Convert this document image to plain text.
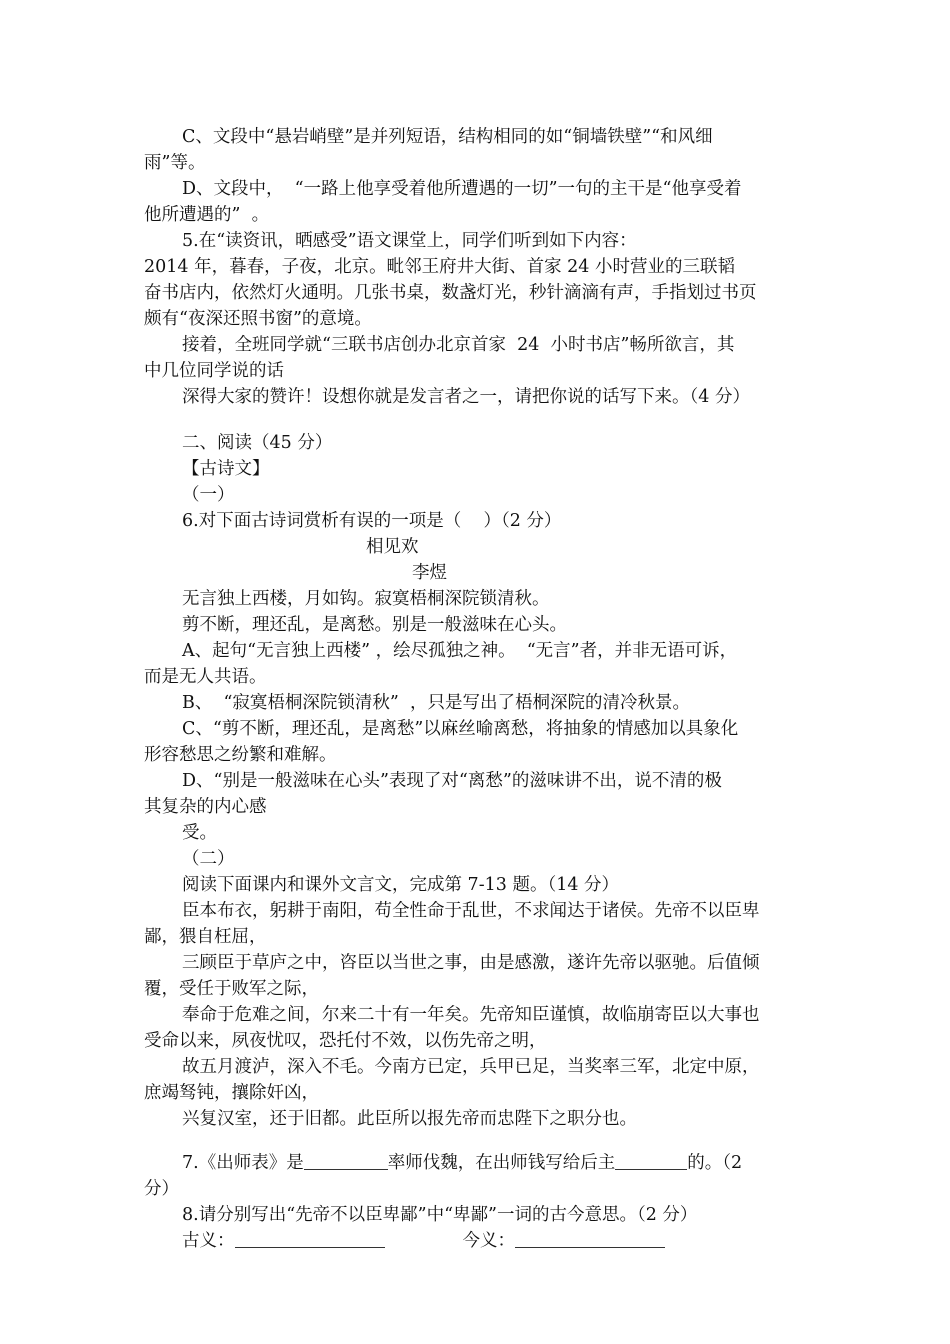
C、文段中“悬岩峭壁”是并列短语，结构相同的如“铜墙铁壁”“和风细
雨”等。
D、文段中，  “一路上他享受着他所遭遇的一切”一句的主干是“他享受着
他所遭遇的”  。
5.在“读资讯，晒感受”语文课堂上，同学们听到如下内容：
2014 年，暮春，子夜，北京。毗邻王府井大街、首家 24 小时营业的三联韬
奋书店内，依然灯火通明。几张书桌，数盏灯光，秒针滴滴有声，手指划过书页
颇有“夜深还照书窗”的意境。
接着，全班同学就“三联书店创办北京首家  24  小时书店”畅所欲言，其
中几位同学说的话
深得大家的赞许！设想你就是发言者之一，请把你说的话写下来。（4 分）
二、阅读（45 分）
【古诗文】
（一）
6.对下面古诗词赏析有误的一项是（    ）（2 分）
相见欢
李煜
无言独上西楼，月如钩。寂寞梧桐深院锁清秋。
剪不断，理还乱，是离愁。别是一般滋味在心头。
A、起句“无言独上西楼” ，绘尽孤独之神。  “无言”者，并非无语可诉，
而是无人共语。
B、  “寂寞梧桐深院锁清秋”  ，只是写出了梧桐深院的清冷秋景。
C、“剪不断，理还乱，是离愁”以麻丝喻离愁，将抽象的情感加以具象化
形容愁思之纷繁和难解。
D、“别是一般滋味在心头”表现了对“离愁”的滋味讲不出，说不清的极
其复杂的内心感
受。
（二）
阅读下面课内和课外文言文，完成第 7-13 题。（14 分）
臣本布衣，躬耕于南阳，苟全性命于乱世，不求闻达于诸侯。先帝不以臣卑
鄙，猥自枉屈，
三顾臣于草庐之中，咨臣以当世之事，由是感激，遂许先帝以驱驰。后值倾
覆，受任于败军之际，
奉命于危难之间，尔来二十有一年矣。先帝知臣谨慎，故临崩寄臣以大事也
受命以来，夙夜忧叹，恐托付不效，以伤先帝之明，
故五月渡泸，深入不毛。今南方已定，兵甲已足，当奖率三军，北定中原，
庶竭驽钝，攘除奸凶，
兴复汉室，还于旧都。此臣所以报先帝而忠陛下之职分也。
7.《出师表》是	率师伐魏，在出师钱写给后主	的。（2
分）
8.请分别写出“先帝不以臣卑鄙”中“卑鄙”一词的古今意思。（2 分）
古义：	今义：
